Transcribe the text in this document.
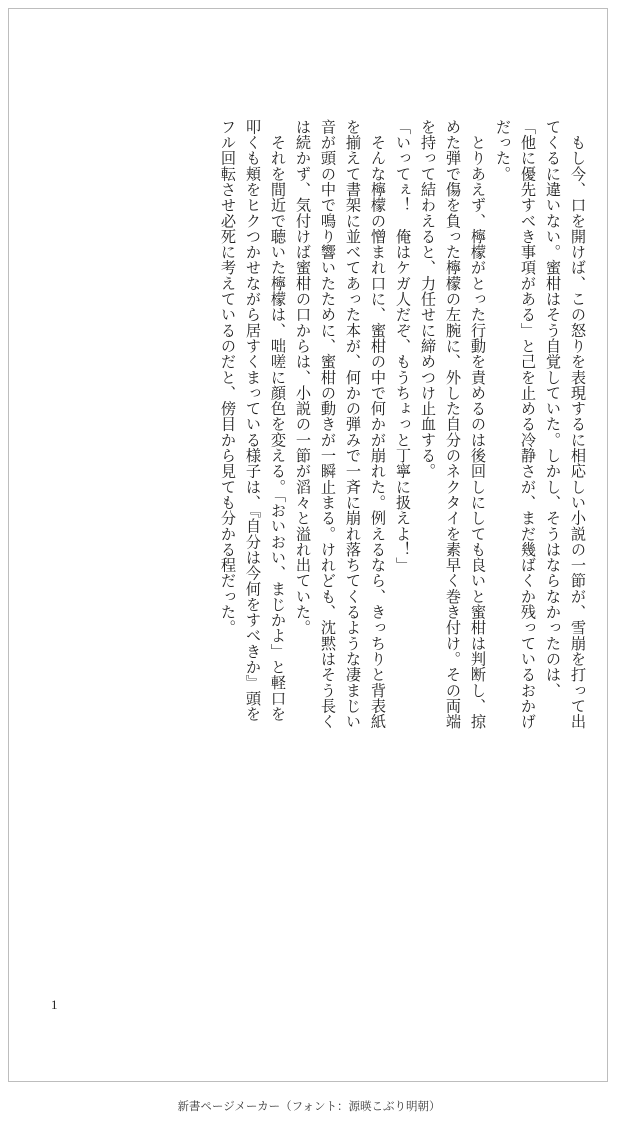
　もし今、口を開けば、この怒りを表現するに相応しい小説の一節が、雪崩を打って出
てくるに違いない。蜜柑はそう自覚していた。しかし、そうはならなかったのは、
「他に優先すべき事項がある」と己を止める冷静さが、まだ幾ばくか残っているおかげ
だった。
　とりあえず、檸檬がとった行動を責めるのは後回しにしても良いと蜜柑は判断し、掠
めた弾で傷を負った檸檬の左腕に、外した自分のネクタイを素早く巻き付け。その両端
を持って結わえると、力任せに締めつけ止血する。
「いってぇ！　俺はケガ人だぞ、もうちょっと丁寧に扱えよ！」
　そんな檸檬の憎まれ口に、蜜柑の中で何かが崩れた。例えるなら、きっちりと背表紙
を揃えて書架に並べてあった本が、何かの弾みで一斉に崩れ落ちてくるような凄まじい
音が頭の中で鳴り響いたために、蜜柑の動きが一瞬止まる。けれども、沈黙はそう長く
は続かず、気付けば蜜柑の口からは、小説の一節が滔々と溢れ出ていた。
　それを間近で聴いた檸檬は、咄嗟に顔色を変える。「おいおい、まじかよ」と軽口を
叩くも頬をヒクつかせながら居すくまっている様子は、『自分は今何をすべきか』頭を
フル回転させ必死に考えているのだと、傍目から見ても分かる程だった。
1
新書ページメーカー（フォント：源暎こぶり明朝）
